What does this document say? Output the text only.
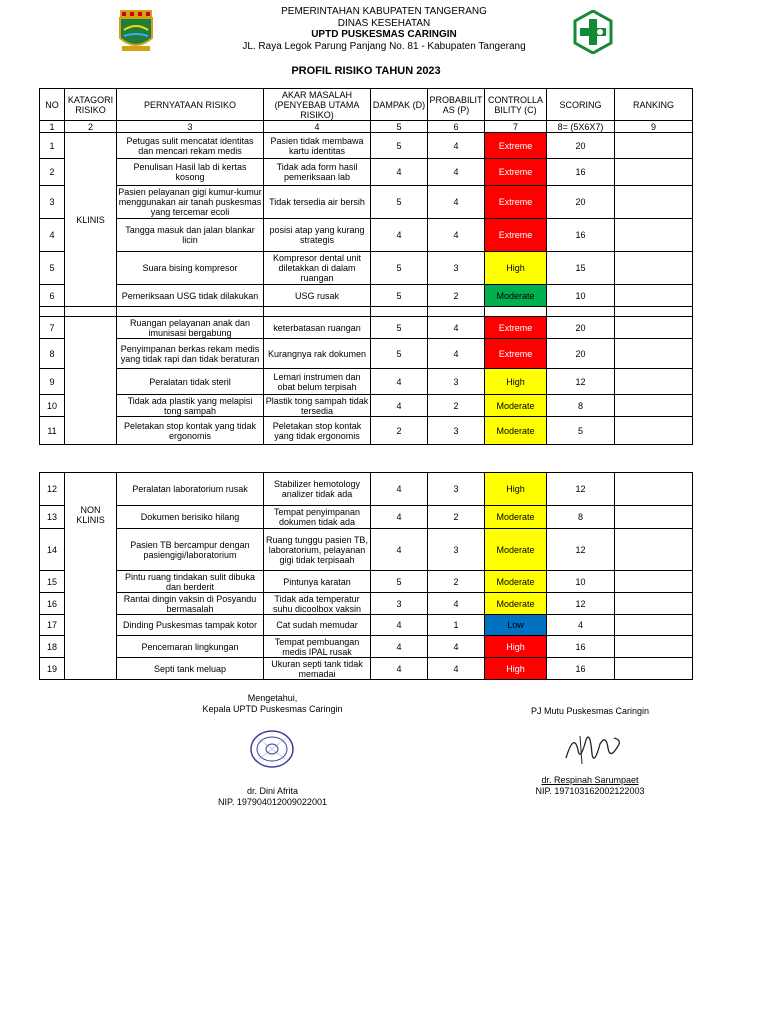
PEMERINTAHAN KABUPATEN TANGERANG
DINAS KESEHATAN
UPTD PUSKESMAS CARINGIN
JL. Raya Legok Parung Panjang No. 81 - Kabupaten Tangerang
PROFIL RISIKO TAHUN 2023
NO	KATAGORI RISIKO	PERNYATAAN RISIKO	AKAR MASALAH (PENYEBAB UTAMA RISIKO)	DAMPAK (D)	PROBABILIT AS (P)	CONTROLLA BILITY (C)	SCORING	RANKING
1	2	3	4	5	6	7	8= (5X6X7)	9
1	KLINIS	Petugas sulit mencatat identitas dan mencari rekam medis	Pasien tidak membawa kartu identitas	5	4	Extreme	20	
2		Penulisan Hasil lab di kertas kosong	Tidak ada form hasil pemeriksaan lab	4	4	Extreme	16	
3		Pasien pelayanan gigi kumur-kumur menggunakan air tanah puskesmas yang tercemar ecoli	Tidak tersedia air bersih	5	4	Extreme	20	
4		Tangga masuk dan jalan blankar licin	posisi atap yang kurang strategis	4	4	Extreme	16	
5		Suara bising kompresor	Kompresor dental unit diletakkan di dalam ruangan	5	3	High	15	
6		Pemeriksaan USG tidak dilakukan	USG rusak	5	2	Moderate	10	

7		Ruangan pelayanan anak dan imunisasi bergabung	keterbatasan ruangan	5	4	Extreme	20	
8		Penyimpanan berkas rekam medis yang tidak rapi dan tidak beraturan	Kurangnya rak dokumen	5	4	Extreme	20	
9		Peralatan tidak steril	Lemari instrumen dan obat belum terpisah	4	3	High	12	
10		Tidak ada plastik yang melapisi tong sampah	Plastik tong sampah tidak tersedia	4	2	Moderate	8	
11		Peletakan stop kontak yang tidak ergonomis	Peletakan stop kontak yang tidak ergonomis	2	3	Moderate	5	
12	NON KLINIS	Peralatan laboratorium rusak	Stabilizer hemotology analizer tidak ada	4	3	High	12	
13		Dokumen berisiko hilang	Tempat penyimpanan dokumen tidak ada	4	2	Moderate	8	
14		Pasien TB bercampur dengan pasiengigi/laboratorium	Ruang tunggu pasien TB, laboratorium, pelayanan gigi tidak terpisaah	4	3	Moderate	12	
15		Pintu ruang tindakan sulit dibuka dan berderit	Pintunya karatan	5	2	Moderate	10	
16		Rantai dingin vaksin di Posyandu bermasalah	Tidak ada temperatur suhu dicoolbox vaksin	3	4	Moderate	12	
17		Dinding Puskesmas tampak kotor	Cat sudah memudar	4	1	Low	4	
18		Pencemaran lingkungan	Tempat pembuangan medis IPAL rusak	4	4	High	16	
19		Septi tank meluap	Ukuran septi tank tidak memadai	4	4	High	16	
Mengetahui,
Kepala UPTD Puskesmas Caringin
dr. Dini Afrita
NIP. 197904012009022001
PJ Mutu Puskesmas Caringin
dr. Respinah Sarumpaet
NIP. 197103162002122003
